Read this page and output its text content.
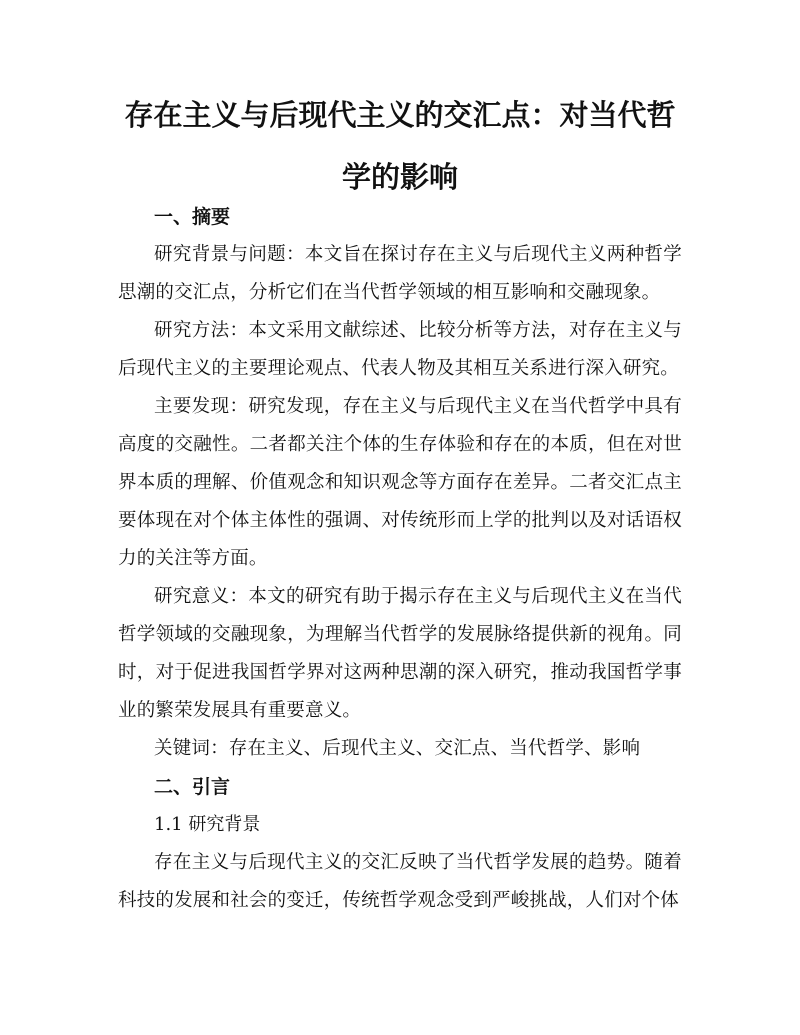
存在主义与后现代主义的交汇点：对当代哲
学的影响

一、摘要

研究背景与问题：本文旨在探讨存在主义与后现代主义两种哲学思潮的交汇点，分析它们在当代哲学领域的相互影响和交融现象。

研究方法：本文采用文献综述、比较分析等方法，对存在主义与后现代主义的主要理论观点、代表人物及其相互关系进行深入研究。

主要发现：研究发现，存在主义与后现代主义在当代哲学中具有高度的交融性。二者都关注个体的生存体验和存在的本质，但在对世界本质的理解、价值观念和知识观念等方面存在差异。二者交汇点主要体现在对个体主体性的强调、对传统形而上学的批判以及对话语权力的关注等方面。

研究意义：本文的研究有助于揭示存在主义与后现代主义在当代哲学领域的交融现象，为理解当代哲学的发展脉络提供新的视角。同时，对于促进我国哲学界对这两种思潮的深入研究，推动我国哲学事业的繁荣发展具有重要意义。

关键词：存在主义、后现代主义、交汇点、当代哲学、影响

二、引言

1.1 研究背景

存在主义与后现代主义的交汇反映了当代哲学发展的趋势。随着科技的发展和社会的变迁，传统哲学观念受到严峻挑战，人们对个体
